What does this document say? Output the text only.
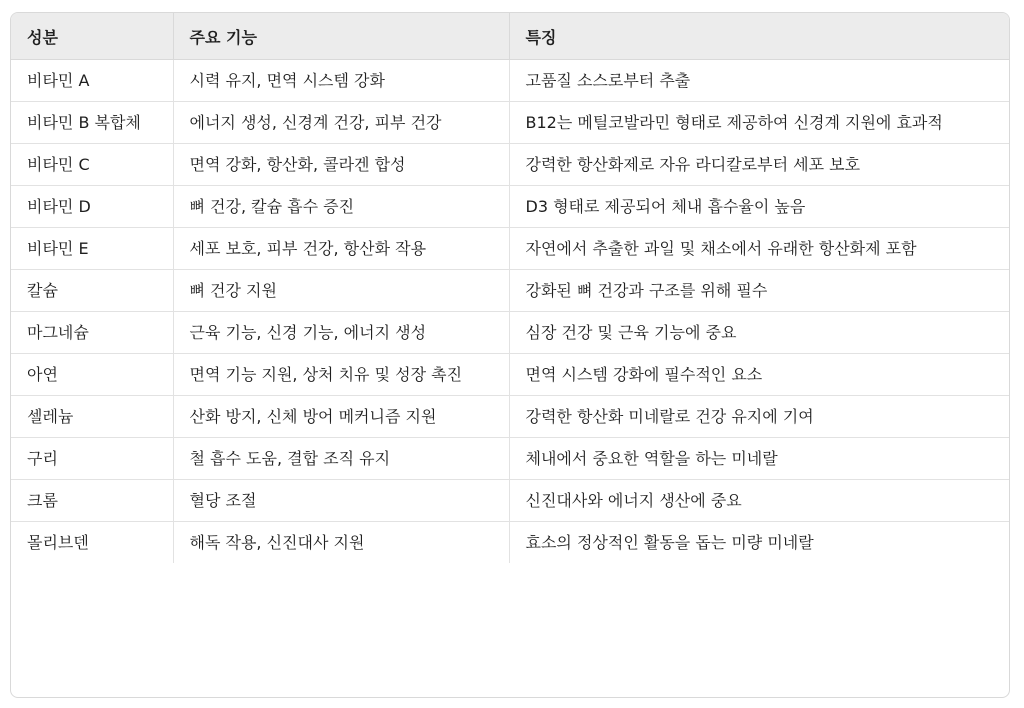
성분	주요 기능	특징
비타민 A	시력 유지, 면역 시스템 강화	고품질 소스로부터 추출
비타민 B 복합체	에너지 생성, 신경계 건강, 피부 건강	B12는 메틸코발라민 형태로 제공하여 신경계 지원에 효과적
비타민 C	면역 강화, 항산화, 콜라겐 합성	강력한 항산화제로 자유 라디칼로부터 세포 보호
비타민 D	뼈 건강, 칼슘 흡수 증진	D3 형태로 제공되어 체내 흡수율이 높음
비타민 E	세포 보호, 피부 건강, 항산화 작용	자연에서 추출한 과일 및 채소에서 유래한 항산화제 포함
칼슘	뼈 건강 지원	강화된 뼈 건강과 구조를 위해 필수
마그네슘	근육 기능, 신경 기능, 에너지 생성	심장 건강 및 근육 기능에 중요
아연	면역 기능 지원, 상처 치유 및 성장 촉진	면역 시스템 강화에 필수적인 요소
셀레늄	산화 방지, 신체 방어 메커니즘 지원	강력한 항산화 미네랄로 건강 유지에 기여
구리	철 흡수 도움, 결합 조직 유지	체내에서 중요한 역할을 하는 미네랄
크롬	혈당 조절	신진대사와 에너지 생산에 중요
몰리브덴	해독 작용, 신진대사 지원	효소의 정상적인 활동을 돕는 미량 미네랄
